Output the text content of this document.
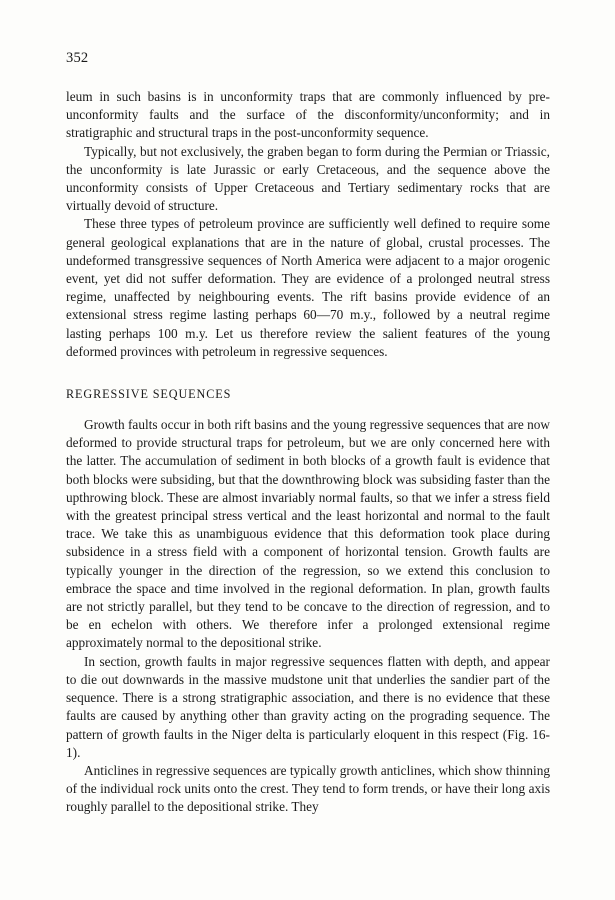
352

leum in such basins is in unconformity traps that are commonly influenced by pre-unconformity faults and the surface of the disconformity/unconformity; and in stratigraphic and structural traps in the post-unconformity sequence.

Typically, but not exclusively, the graben began to form during the Permian or Triassic, the unconformity is late Jurassic or early Cretaceous, and the sequence above the unconformity consists of Upper Cretaceous and Tertiary sedimentary rocks that are virtually devoid of structure.

These three types of petroleum province are sufficiently well defined to require some general geological explanations that are in the nature of global, crustal processes. The undeformed transgressive sequences of North America were adjacent to a major orogenic event, yet did not suffer deformation. They are evidence of a prolonged neutral stress regime, unaffected by neighbouring events. The rift basins provide evidence of an extensional stress regime lasting perhaps 60—70 m.y., followed by a neutral regime lasting perhaps 100 m.y. Let us therefore review the salient features of the young deformed provinces with petroleum in regressive sequences.

REGRESSIVE SEQUENCES

Growth faults occur in both rift basins and the young regressive sequences that are now deformed to provide structural traps for petroleum, but we are only concerned here with the latter. The accumulation of sediment in both blocks of a growth fault is evidence that both blocks were subsiding, but that the downthrowing block was subsiding faster than the upthrowing block. These are almost invariably normal faults, so that we infer a stress field with the greatest principal stress vertical and the least horizontal and normal to the fault trace. We take this as unambiguous evidence that this deformation took place during subsidence in a stress field with a component of horizontal tension. Growth faults are typically younger in the direction of the regression, so we extend this conclusion to embrace the space and time involved in the regional deformation. In plan, growth faults are not strictly parallel, but they tend to be concave to the direction of regression, and to be en echelon with others. We therefore infer a prolonged extensional regime approximately normal to the depositional strike.

In section, growth faults in major regressive sequences flatten with depth, and appear to die out downwards in the massive mudstone unit that underlies the sandier part of the sequence. There is a strong stratigraphic association, and there is no evidence that these faults are caused by anything other than gravity acting on the prograding sequence. The pattern of growth faults in the Niger delta is particularly eloquent in this respect (Fig. 16-1).

Anticlines in regressive sequences are typically growth anticlines, which show thinning of the individual rock units onto the crest. They tend to form trends, or have their long axis roughly parallel to the depositional strike. They
